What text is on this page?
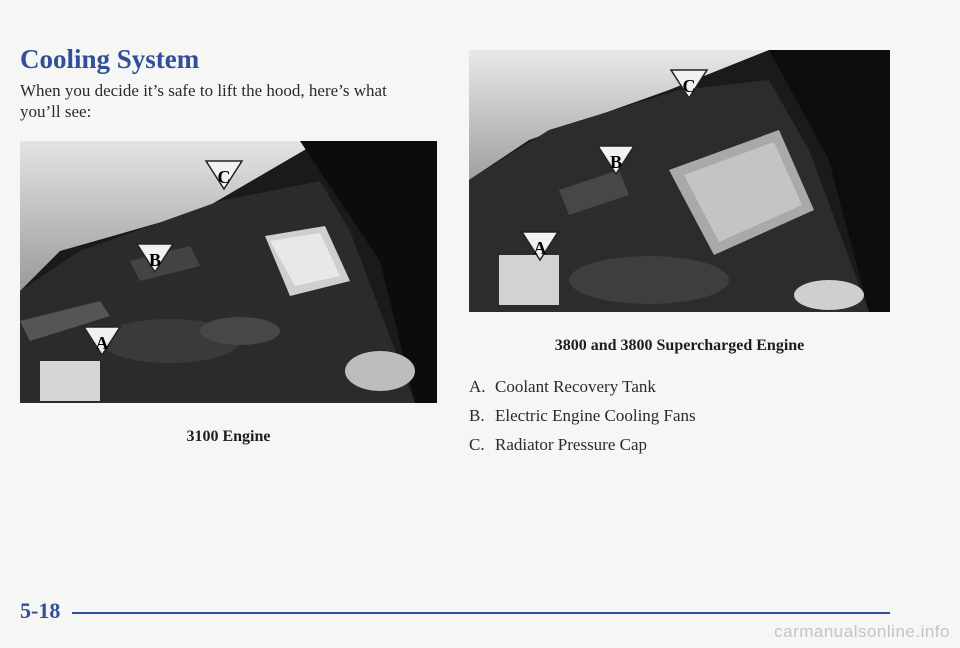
Cooling System
When you decide it’s safe to lift the hood, here’s what you’ll see:
C
B
A
3100 Engine
C
B
A
3800 and 3800 Supercharged Engine
A. Coolant Recovery Tank
B. Electric Engine Cooling Fans
C. Radiator Pressure Cap
5-18
carmanualsonline.info
